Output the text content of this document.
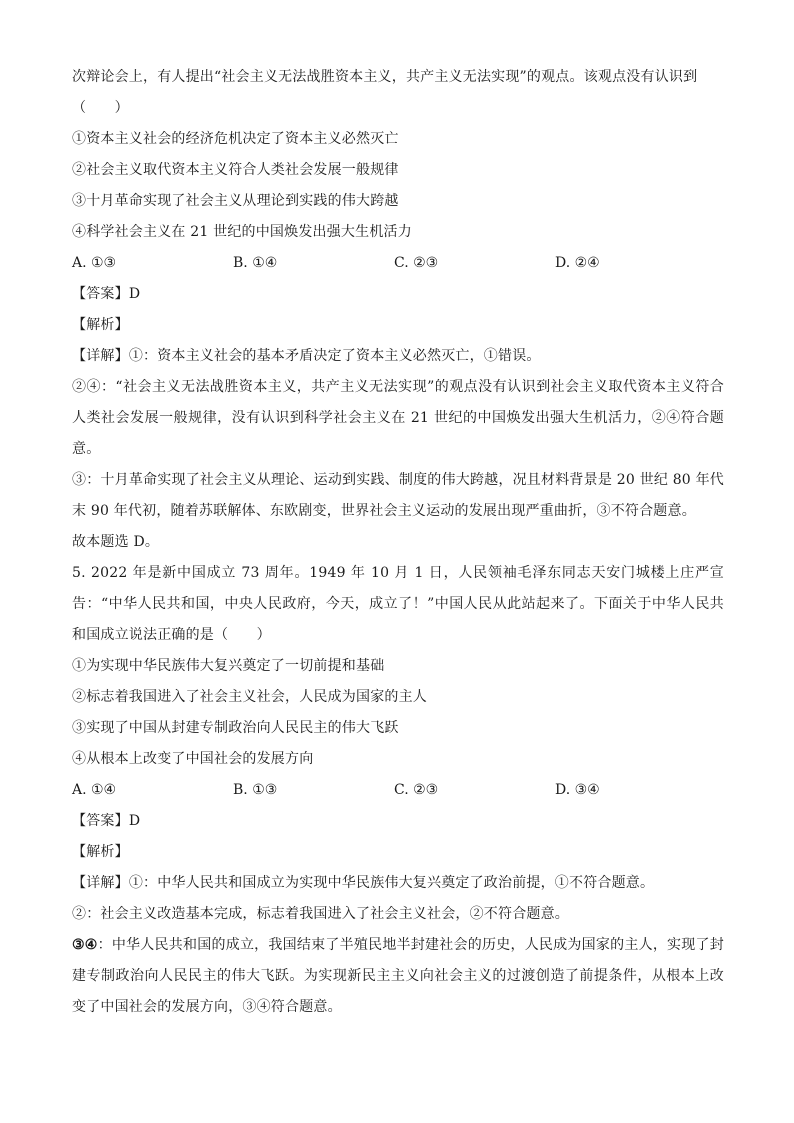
次辩论会上，有人提出“社会主义无法战胜资本主义，共产主义无法实现”的观点。该观点没有认识到
（　　）
①资本主义社会的经济危机决定了资本主义必然灭亡
②社会主义取代资本主义符合人类社会发展一般规律
③十月革命实现了社会主义从理论到实践的伟大跨越
④科学社会主义在 21 世纪的中国焕发出强大生机活力
A. ①③	B. ①④	C. ②③	D. ②④
【答案】D
【解析】
【详解】①：资本主义社会的基本矛盾决定了资本主义必然灭亡，①错误。
②④：“社会主义无法战胜资本主义，共产主义无法实现”的观点没有认识到社会主义取代资本主义符合人类社会发展一般规律，没有认识到科学社会主义在 21 世纪的中国焕发出强大生机活力，②④符合题意。
③：十月革命实现了社会主义从理论、运动到实践、制度的伟大跨越，况且材料背景是 20 世纪 80 年代末 90 年代初，随着苏联解体、东欧剧变，世界社会主义运动的发展出现严重曲折，③不符合题意。
故本题选 D。
5. 2022 年是新中国成立 73 周年。1949 年 10 月 1 日，人民领袖毛泽东同志天安门城楼上庄严宣告：“中华人民共和国，中央人民政府，今天，成立了！”中国人民从此站起来了。下面关于中华人民共和国成立说法正确的是（　　）
①为实现中华民族伟大复兴奠定了一切前提和基础
②标志着我国进入了社会主义社会，人民成为国家的主人
③实现了中国从封建专制政治向人民民主的伟大飞跃
④从根本上改变了中国社会的发展方向
A. ①④	B. ①③	C. ②③	D. ③④
【答案】D
【解析】
【详解】①：中华人民共和国成立为实现中华民族伟大复兴奠定了政治前提，①不符合题意。
②：社会主义改造基本完成，标志着我国进入了社会主义社会，②不符合题意。
③④：中华人民共和国的成立，我国结束了半殖民地半封建社会的历史，人民成为国家的主人，实现了封建专制政治向人民民主的伟大飞跃。为实现新民主主义向社会主义的过渡创造了前提条件，从根本上改变了中国社会的发展方向，③④符合题意。
